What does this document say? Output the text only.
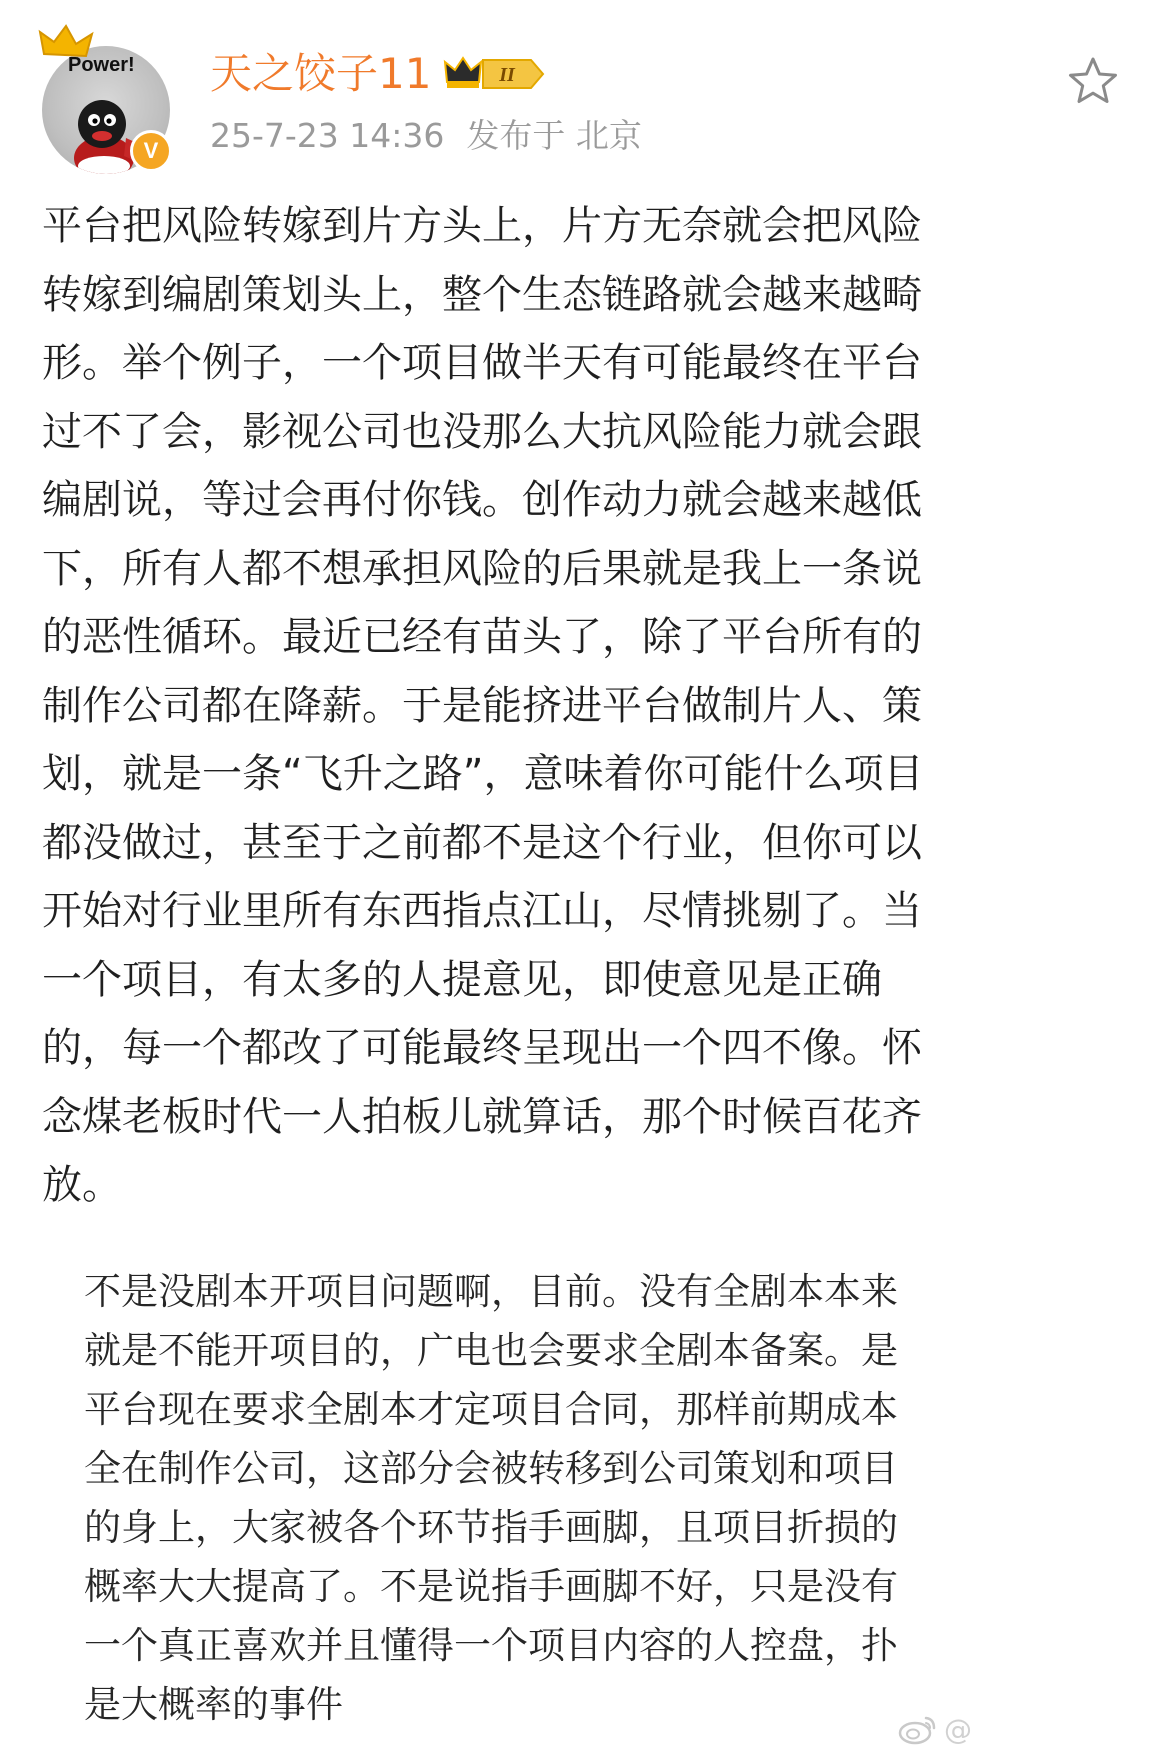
Power!
V
天之饺子11	II
25-7-23 14:36 发布于 北京
平台把风险转嫁到片方头上，片方无奈就会把风险
转嫁到编剧策划头上，整个生态链路就会越来越畸
形。举个例子，一个项目做半天有可能最终在平台
过不了会，影视公司也没那么大抗风险能力就会跟
编剧说，等过会再付你钱。创作动力就会越来越低
下，所有人都不想承担风险的后果就是我上一条说
的恶性循环。最近已经有苗头了，除了平台所有的
制作公司都在降薪。于是能挤进平台做制片人、策
划，就是一条“飞升之路”，意味着你可能什么项目
都没做过，甚至于之前都不是这个行业，但你可以
开始对行业里所有东西指点江山，尽情挑剔了。当
一个项目，有太多的人提意见，即使意见是正确
的，每一个都改了可能最终呈现出一个四不像。怀
念煤老板时代一人拍板儿就算话，那个时候百花齐
放。
不是没剧本开项目问题啊，目前。没有全剧本本来
就是不能开项目的，广电也会要求全剧本备案。是
平台现在要求全剧本才定项目合同，那样前期成本
全在制作公司，这部分会被转移到公司策划和项目
的身上，大家被各个环节指手画脚，且项目折损的
概率大大提高了。不是说指手画脚不好，只是没有
一个真正喜欢并且懂得一个项目内容的人控盘，扑
是大概率的事件
@
